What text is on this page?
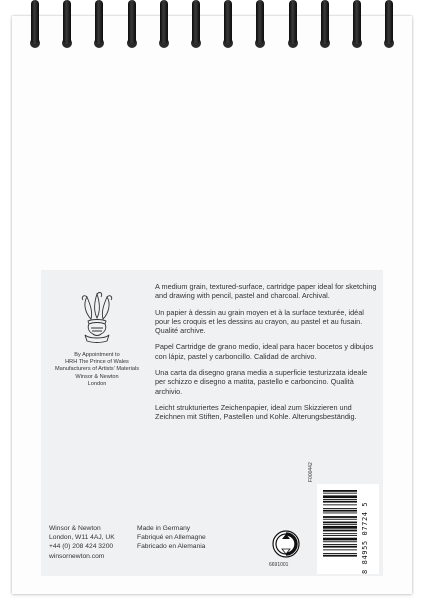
By Appointment to
HRH The Prince of Wales
Manufacturers of Artists' Materials
Winsor & Newton
London

A medium grain, textured-surface, cartridge paper ideal for sketching and drawing with pencil, pastel and charcoal. Archival.

Un papier à dessin au grain moyen et à la surface texturée, idéal pour les croquis et les dessins au crayon, au pastel et au fusain. Qualité archive.

Papel Cartridge de grano medio, ideal para hacer bocetos y dibujos con lápiz, pastel y carboncillo. Calidad de archivo.

Una carta da disegno grana media a superficie testurizzata ideale per schizzo e disegno a matita, pastello e carboncino. Qualità archivio.

Leicht strukturiertes Zeichenpapier, ideal zum Skizzieren und Zeichnen mit Stiften, Pastellen und Kohle. Alterungsbeständig.

Winsor & Newton
London, W11 4AJ, UK
+44 (0) 208 424 3200
winsornewton.com
Made in Germany
Fabriqué en Allemagne
Fabricado en Alemania
6691001
F000442
8 84955 07724 5
